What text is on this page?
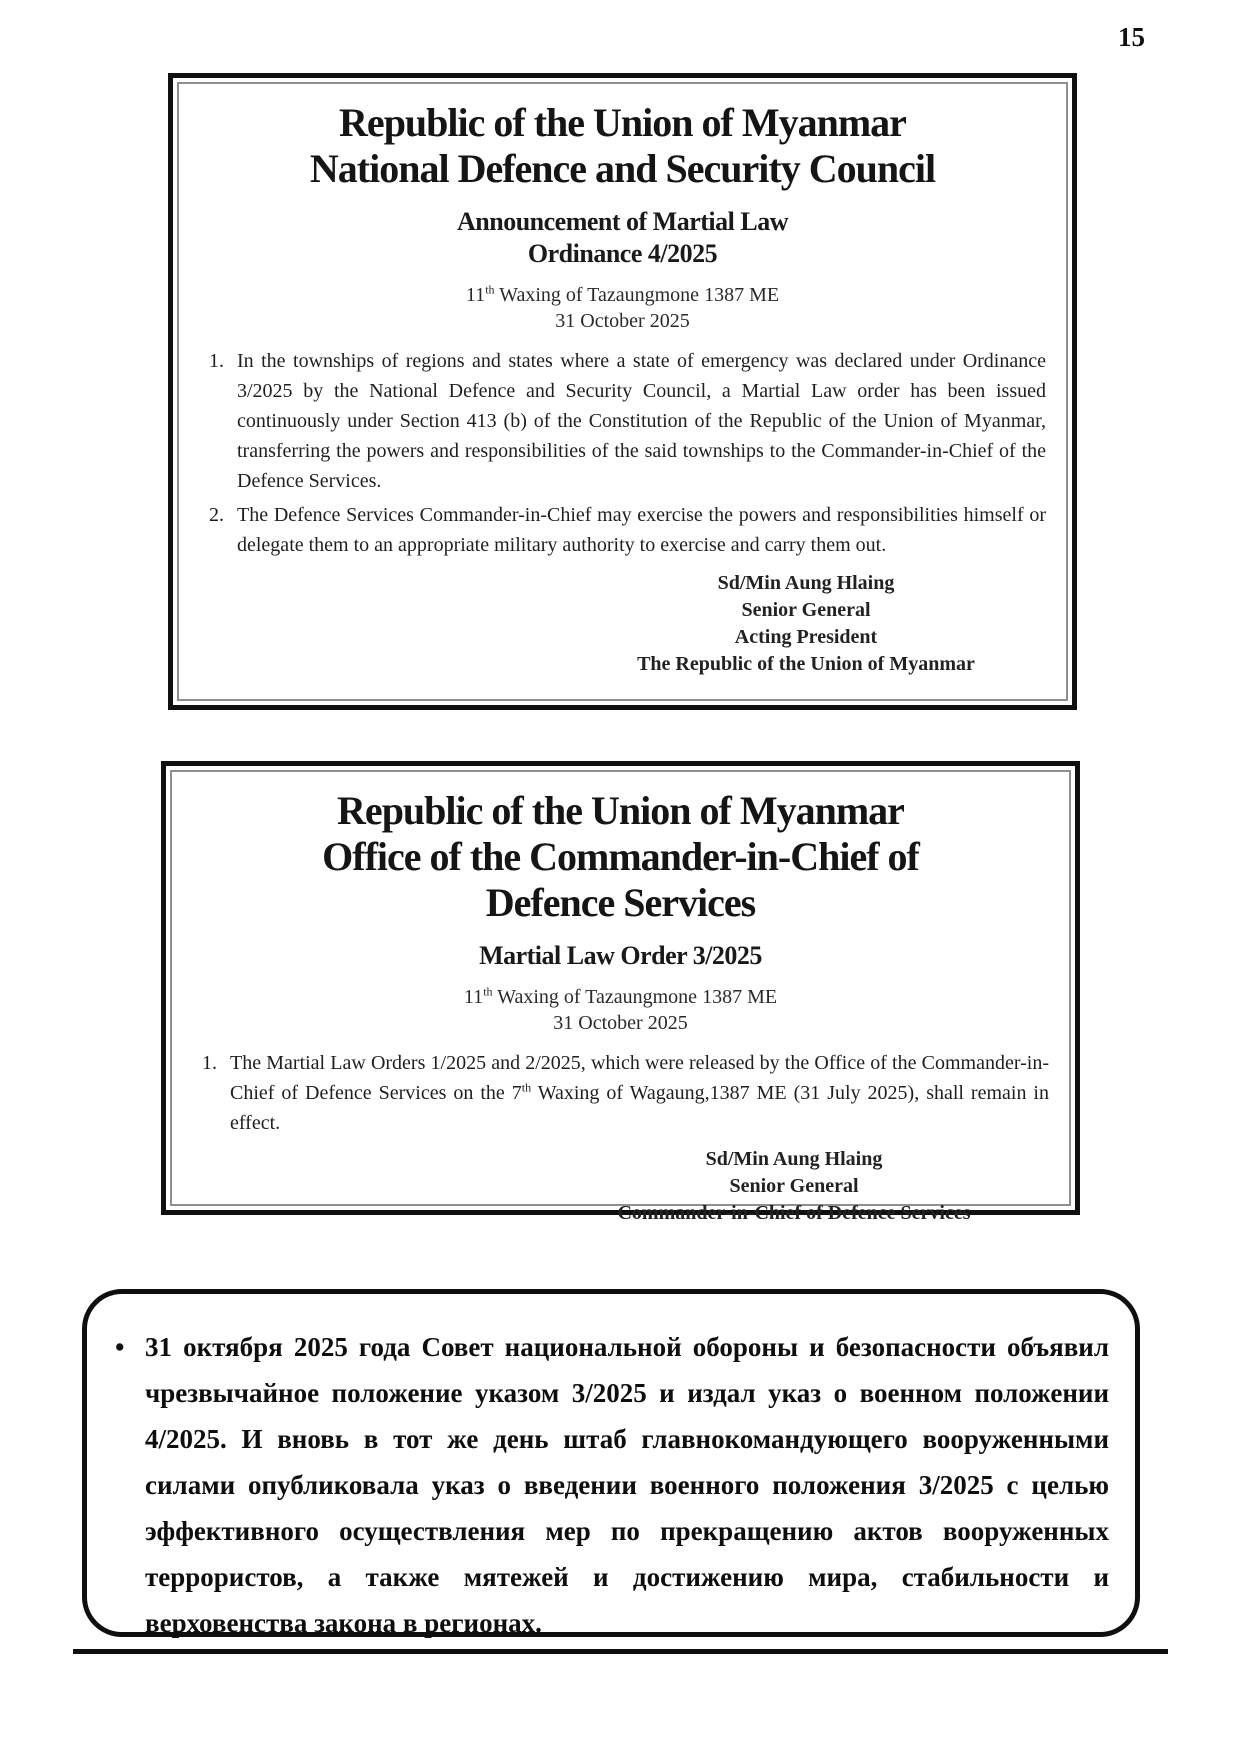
15
Republic of the Union of Myanmar
National Defence and Security Council
Announcement of Martial Law
Ordinance 4/2025
11th Waxing of Tazaungmone 1387 ME
31 October 2025
1. In the townships of regions and states where a state of emergency was declared under Ordinance 3/2025 by the National Defence and Security Council, a Martial Law order has been issued continuously under Section 413 (b) of the Constitution of the Republic of the Union of Myanmar, transferring the powers and responsibilities of the said townships to the Commander-in-Chief of the Defence Services.

2. The Defence Services Commander-in-Chief may exercise the powers and responsibilities himself or delegate them to an appropriate military authority to exercise and carry them out.

Sd/Min Aung Hlaing
Senior General
Acting President
The Republic of the Union of Myanmar
Republic of the Union of Myanmar
Office of the Commander-in-Chief of
Defence Services
Martial Law Order 3/2025
11th Waxing of Tazaungmone 1387 ME
31 October 2025
1. The Martial Law Orders 1/2025 and 2/2025, which were released by the Office of the Commander-in-Chief of Defence Services on the 7th Waxing of Wagaung,1387 ME (31 July 2025), shall remain in effect.

Sd/Min Aung Hlaing
Senior General
Commander-in-Chief of Defence Services
• 31 октября 2025 года Совет национальной обороны и безопасности объявил чрезвычайное положение указом 3/2025 и издал указ о военном положении 4/2025. И вновь в тот же день штаб главнокомандующего вооруженными силами опубликовала указ о введении военного положения 3/2025 с целью эффективного осуществления мер по прекращению актов вооруженных террористов, а также мятежей и достижению мира, стабильности и верховенства закона в регионах.
